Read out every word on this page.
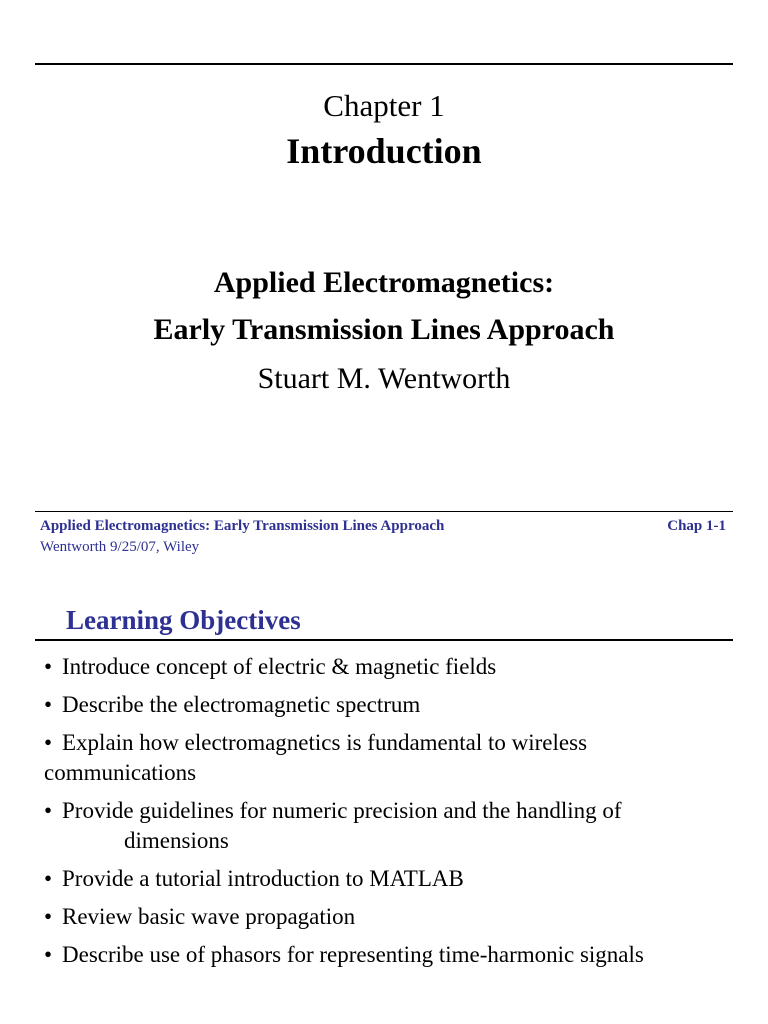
Chapter 1
Introduction
Applied Electromagnetics:
Early Transmission Lines Approach
Stuart M. Wentworth
Applied Electromagnetics: Early Transmission Lines Approach	Chap 1-1
Wentworth 9/25/07, Wiley
Learning Objectives
• Introduce concept of electric & magnetic fields
• Describe the electromagnetic spectrum
• Explain how electromagnetics is fundamental to wireless communications
• Provide guidelines for numeric precision and the handling of
dimensions
• Provide a tutorial introduction to MATLAB
• Review basic wave propagation
• Describe use of phasors for representing time-harmonic signals
